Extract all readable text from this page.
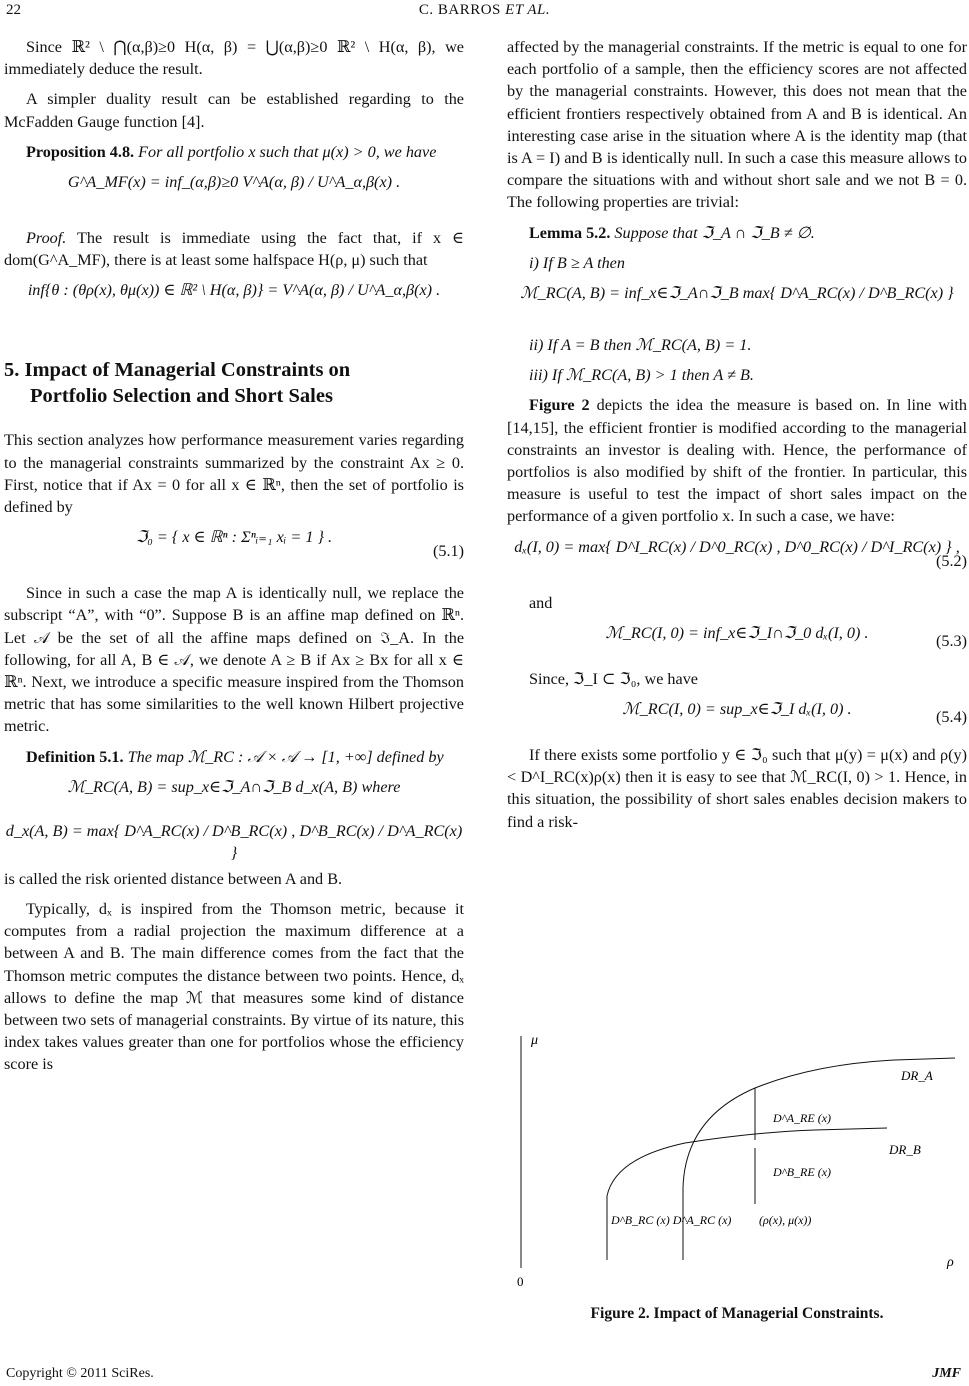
22	C. BARROS ET AL.

Since ℝ² \ ⋂(α,β)≥0 H(α, β) = ⋃(α,β)≥0 ℝ² \ H(α, β), we immediately deduce the result.

A simpler duality result can be established regarding to the McFadden Gauge function [4].

Proposition 4.8. For all portfolio x such that μ(x) > 0, we have

G^A_MF(x) = inf_(α,β)≥0 V^A(α, β) / U^A_α,β(x) .

Proof. The result is immediate using the fact that, if x ∈ dom(G^A_MF), there is at least some halfspace H(ρ, μ) such that

inf{θ : (θρ(x), θμ(x)) ∈ ℝ² \ H(α, β)} = V^A(α, β) / U^A_α,β(x) .
5. Impact of Managerial Constraints on
Portfolio Selection and Short Sales

This section analyzes how performance measurement varies regarding to the managerial constraints summarized by the constraint Ax ≥ 0. First, notice that if Ax = 0 for all x ∈ ℝⁿ, then the set of portfolio is defined by

ℑ₀ = { x ∈ ℝⁿ : Σⁿᵢ₌₁ xᵢ = 1 } .
(5.1)

Since in such a case the map A is identically null, we replace the subscript “A”, with “0”. Suppose B is an affine map defined on ℝⁿ. Let 𝒜 be the set of all the affine maps defined on ℑ_A. In the following, for all A, B ∈ 𝒜, we denote A ≥ B if Ax ≥ Bx for all x ∈ ℝⁿ. Next, we introduce a specific measure inspired from the Thomson metric that has some similarities to the well known Hilbert projective metric.

Definition 5.1. The map ℳ_RC : 𝒜 × 𝒜 → [1, +∞] defined by

ℳ_RC(A, B) = sup_x∈ℑ_A∩ℑ_B d_x(A, B) where
d_x(A, B) = max{ D^A_RC(x) / D^B_RC(x) , D^B_RC(x) / D^A_RC(x) }

is called the risk oriented distance between A and B.

Typically, dₓ is inspired from the Thomson metric, because it computes from a radial projection the maximum difference at a between A and B. The main difference comes from the fact that the Thomson metric computes the distance between two points. Hence, dₓ allows to define the map ℳ that measures some kind of distance between two sets of managerial constraints. By virtue of its nature, this index takes values greater than one for portfolios whose the efficiency score is

affected by the managerial constraints. If the metric is equal to one for each portfolio of a sample, then the efficiency scores are not affected by the managerial constraints. However, this does not mean that the efficient frontiers respectively obtained from A and B is identical. An interesting case arise in the situation where A is the identity map (that is A = I) and B is identically null. In such a case this measure allows to compare the situations with and without short sale and we not B = 0. The following properties are trivial:

Lemma 5.2. Suppose that ℑ_A ∩ ℑ_B ≠ ∅.

i) If B ≥ A then

ℳ_RC(A, B) = inf_x∈ℑ_A∩ℑ_B max{ D^A_RC(x) / D^B_RC(x) }

ii) If A = B then ℳ_RC(A, B) = 1.

iii) If ℳ_RC(A, B) > 1 then A ≠ B.

Figure 2 depicts the idea the measure is based on. In line with [14,15], the efficient frontier is modified according to the managerial constraints an investor is dealing with. Hence, the performance of portfolios is also modified by shift of the frontier. In particular, this measure is useful to test the impact of short sales impact on the performance of a given portfolio x. In such a case, we have:

dₓ(I, 0) = max{ D^I_RC(x) / D^0_RC(x) , D^0_RC(x) / D^I_RC(x) } ,
(5.2)

and

ℳ_RC(I, 0) = inf_x∈ℑ_I∩ℑ_0 dₓ(I, 0) .	(5.3)

Since, ℑ_I ⊂ ℑ₀, we have

ℳ_RC(I, 0) = sup_x∈ℑ_I dₓ(I, 0) .	(5.4)

If there exists some portfolio y ∈ ℑ₀ such that μ(y) = μ(x) and ρ(y) < D^I_RC(x)ρ(x) then it is easy to see that ℳ_RC(I, 0) > 1. Hence, in this situation, the possibility of short sales enables decision makers to find a risk-

μ
ρ
0
DR_A
DR_B
D^A_RE (x)
D^B_RE (x)
D^B_RC (x) D^A_RC (x) (ρ(x), μ(x))
Figure 2. Impact of Managerial Constraints.
Copyright © 2011 SciRes.	JMF
